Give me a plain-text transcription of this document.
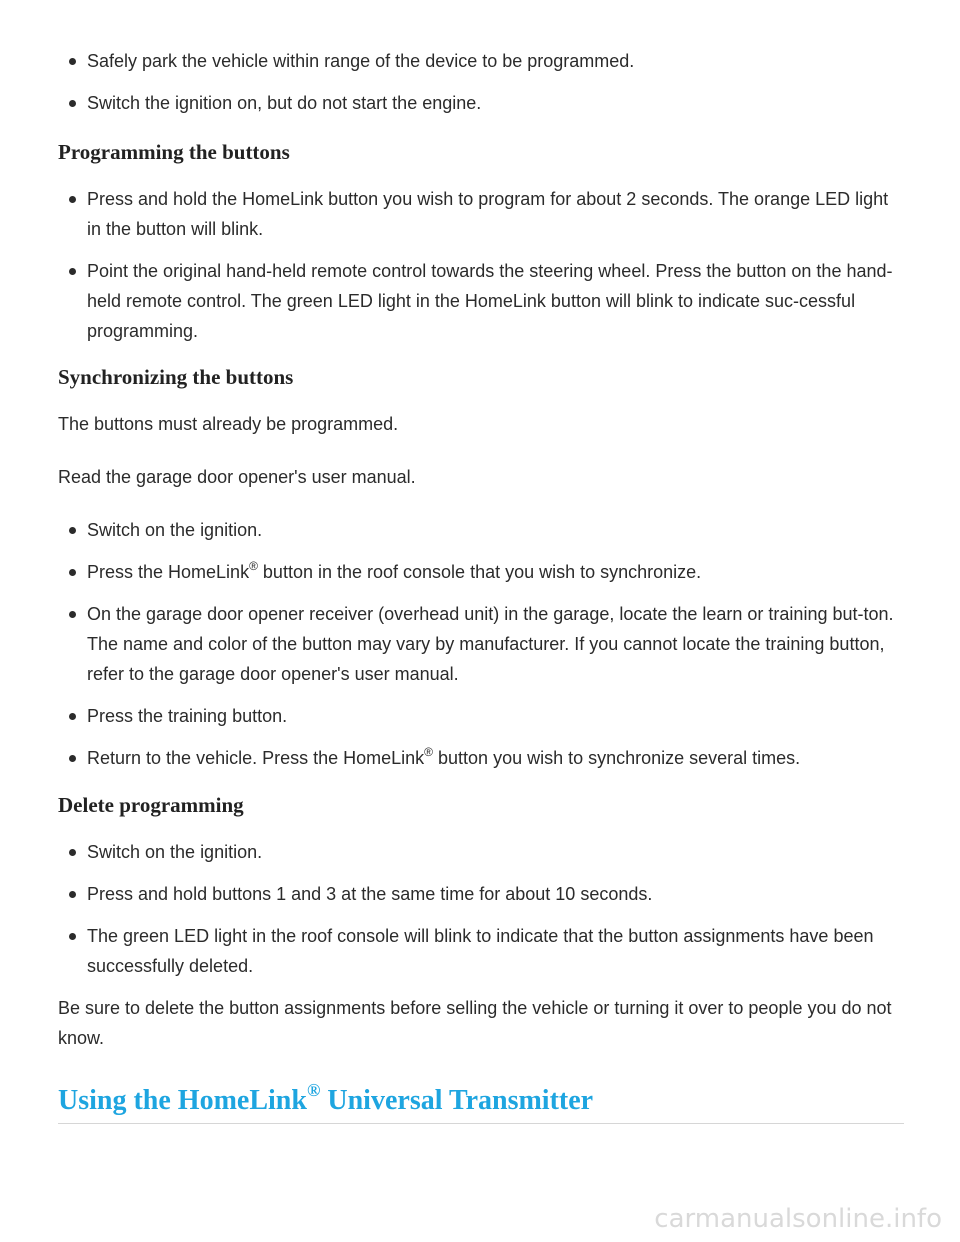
Safely park the vehicle within range of the device to be programmed.
Switch the ignition on, but do not start the engine.
Programming the buttons
Press and hold the HomeLink button you wish to program for about 2 seconds. The orange LED light in the button will blink.
Point the original hand-held remote control towards the steering wheel. Press the button on the hand-held remote control. The green LED light in the HomeLink button will blink to indicate suc-cessful programming.
Synchronizing the buttons

The buttons must already be programmed.

Read the garage door opener's user manual.

Switch on the ignition.
Press the HomeLink® button in the roof console that you wish to synchronize.
On the garage door opener receiver (overhead unit) in the garage, locate the learn or training but-ton. The name and color of the button may vary by manufacturer. If you cannot locate the training button, refer to the garage door opener's user manual.
Press the training button.
Return to the vehicle. Press the HomeLink® button you wish to synchronize several times.
Delete programming
Switch on the ignition.
Press and hold buttons 1 and 3 at the same time for about 10 seconds.
The green LED light in the roof console will blink to indicate that the button assignments have been successfully deleted.

Be sure to delete the button assignments before selling the vehicle or turning it over to people you do not know.

Using the HomeLink® Universal Transmitter
carmanualsonline.info
